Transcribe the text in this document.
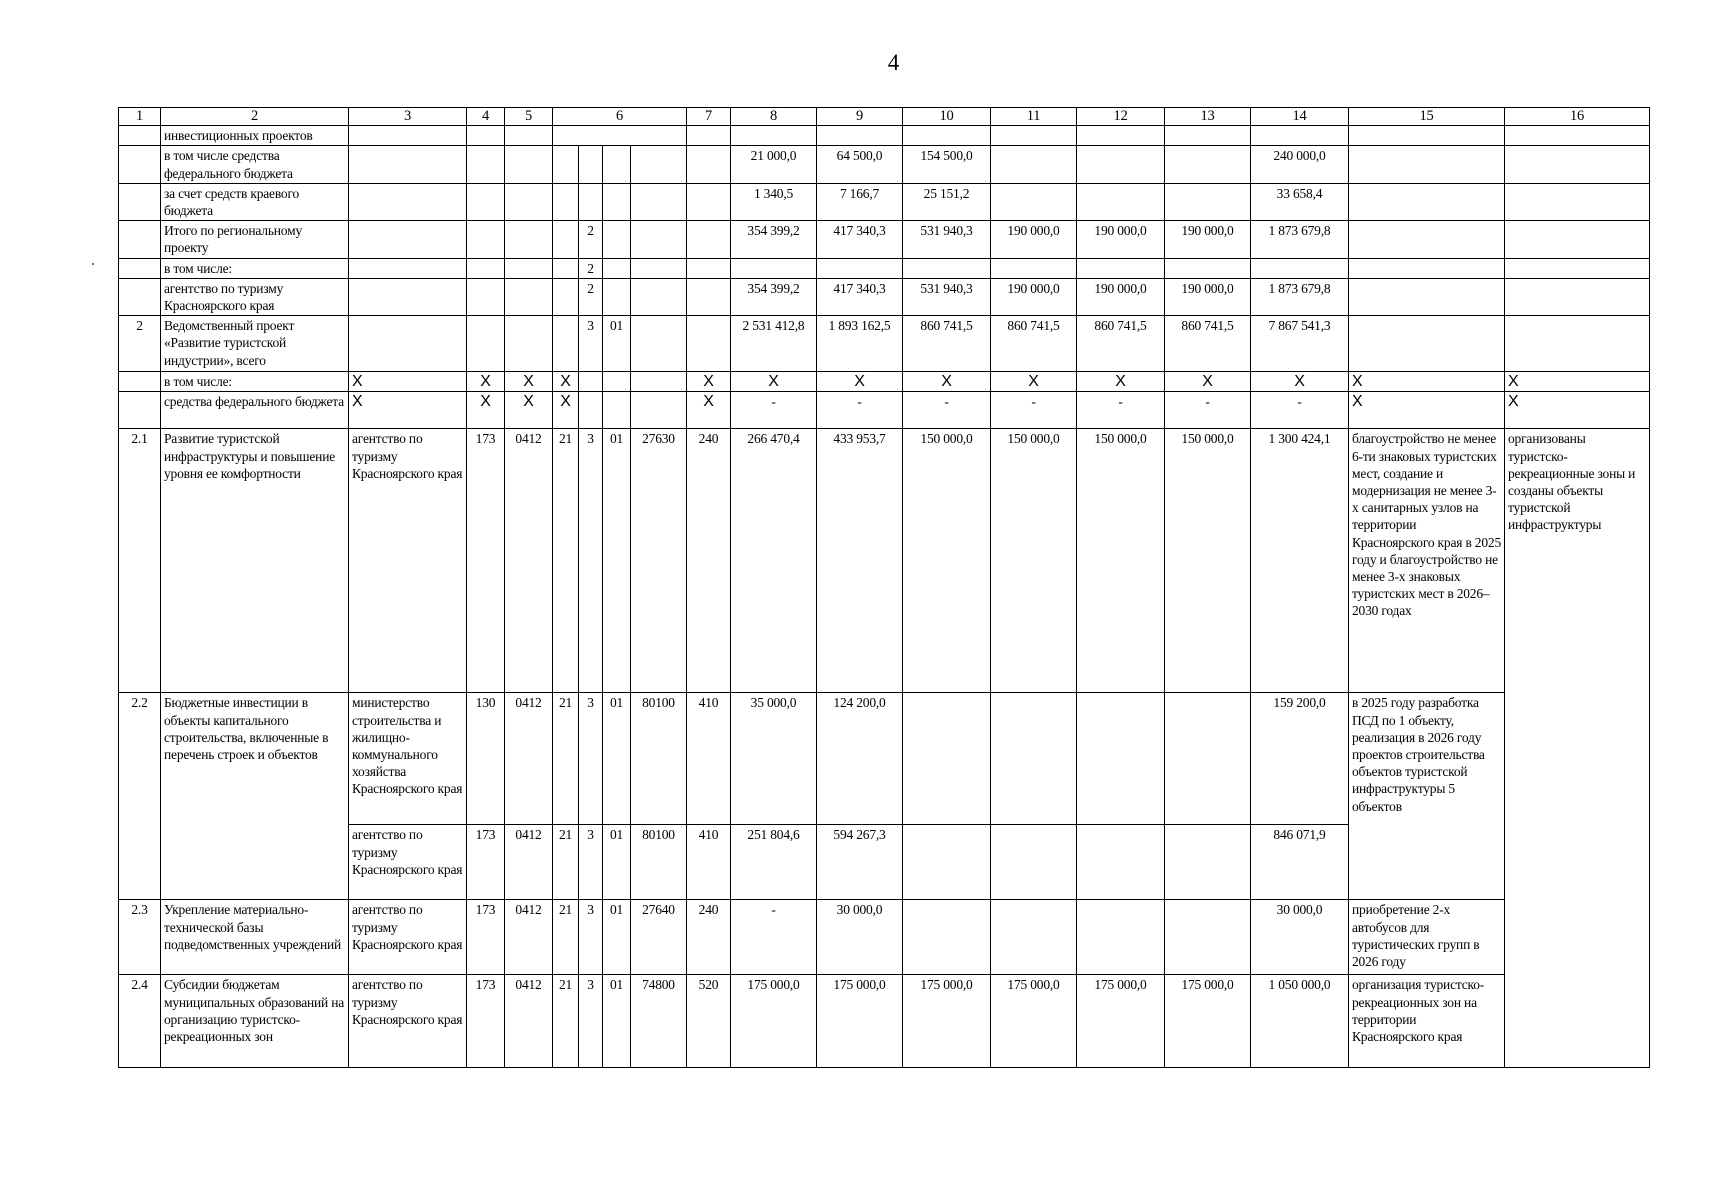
4
1	2	3	4	5	6				7	8	9	10	11	12	13	14	15	16
	инвестиционных проектов																	
	в том числе средства федерального бюджета									21 000,0	64 500,0	154 500,0				240 000,0		
	за счет средств краевого бюджета									1 340,5	7 166,7	25 151,2				33 658,4		
	Итого по региональному проекту					2				354 399,2	417 340,3	531 940,3	190 000,0	190 000,0	190 000,0	1 873 679,8		
	в том числе:					2												
	агентство по туризму Красноярского края					2				354 399,2	417 340,3	531 940,3	190 000,0	190 000,0	190 000,0	1 873 679,8		
2	Ведомственный проект «Развитие туристской индустрии», всего					3	01			2 531 412,8	1 893 162,5	860 741,5	860 741,5	860 741,5	860 741,5	7 867 541,3		
	в том числе:	X	X	X	X				X	X	X	X	X	X	X	X	X	X
	средства федерального бюджета	X	X	X	X				X	-	-	-	-	-	-	-	X	X
2.1	Развитие туристской инфраструктуры и повышение уровня ее комфортности	агентство по туризму Красноярского края	173	0412	21	3	01	27630	240	266 470,4	433 953,7	150 000,0	150 000,0	150 000,0	150 000,0	1 300 424,1	благоустройство не менее 6-ти знаковых туристских мест, создание и модернизация не менее 3-х санитарных узлов на территории Красноярского края в 2025 году и благоустройство не менее 3-х знаковых туристских мест в 2026–2030 годах	организованы туристско-рекреационные зоны и созданы объекты туристской инфраструктуры
2.2	Бюджетные инвестиции в объекты капитального строительства, включенные в перечень строек и объектов	министерство строительства и жилищно-коммунального хозяйства Красноярского края	130	0412	21	3	01	80100	410	35 000,0	124 200,0					159 200,0	в 2025 году разработка ПСД по 1 объекту, реализация в 2026 году проектов строительства объектов туристской инфраструктуры 5 объектов	
		агентство по туризму Красноярского края	173	0412	21	3	01	80100	410	251 804,6	594 267,3					846 071,9		
2.3	Укрепление материально-технической базы подведомственных учреждений	агентство по туризму Красноярского края	173	0412	21	3	01	27640	240	-	30 000,0					30 000,0	приобретение 2-х автобусов для туристических групп в 2026 году	
2.4	Субсидии бюджетам муниципальных образований на организацию туристско-рекреационных зон	агентство по туризму Красноярского края	173	0412	21	3	01	74800	520	175 000,0	175 000,0	175 000,0	175 000,0	175 000,0	175 000,0	1 050 000,0	организация туристско-рекреационных зон на территории Красноярского края	
